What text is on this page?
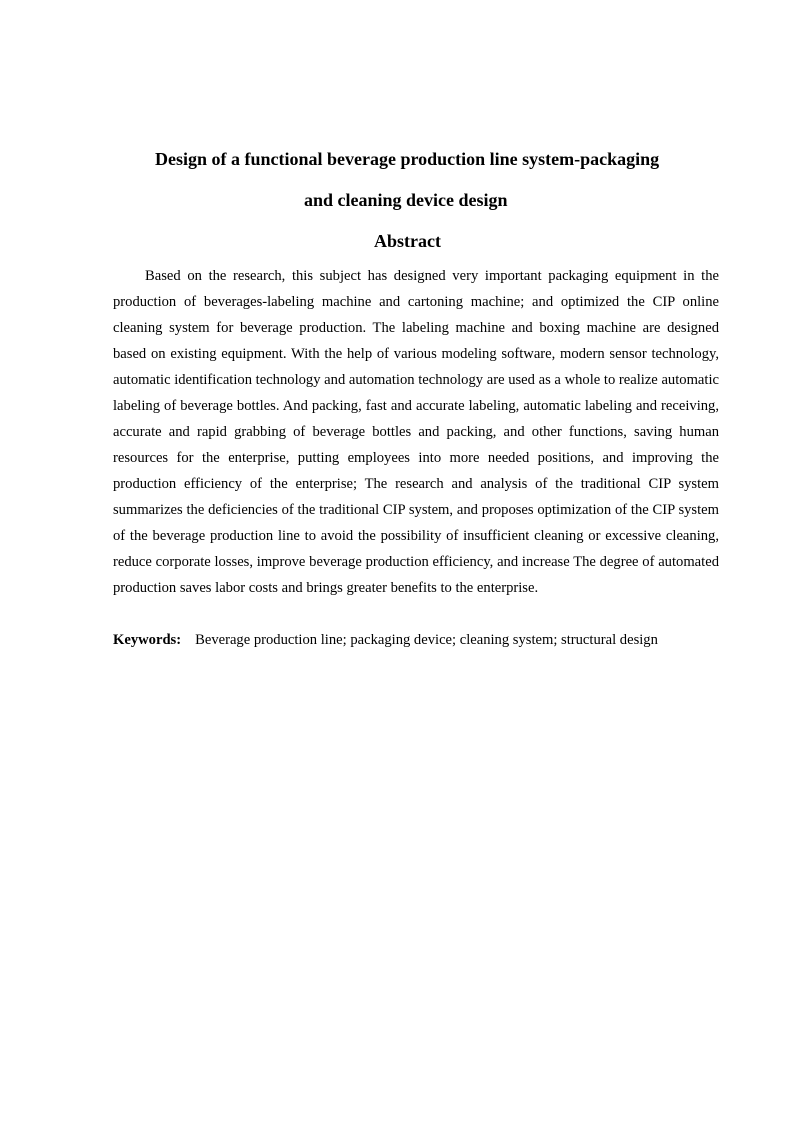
Design of a functional beverage production line system-packaging
and cleaning device design
Abstract

Based on the research, this subject has designed very important packaging equipment in the production of beverages-labeling machine and cartoning machine; and optimized the CIP online cleaning system for beverage production. The labeling machine and boxing machine are designed based on existing equipment. With the help of various modeling software, modern sensor technology, automatic identification technology and automation technology are used as a whole to realize automatic labeling of beverage bottles. And packing, fast and accurate labeling, automatic labeling and receiving, accurate and rapid grabbing of beverage bottles and packing, and other functions, saving human resources for the enterprise, putting employees into more needed positions, and improving the production efficiency of the enterprise; The research and analysis of the traditional CIP system summarizes the deficiencies of the traditional CIP system, and proposes optimization of the CIP system of the beverage production line to avoid the possibility of insufficient cleaning or excessive cleaning, reduce corporate losses, improve beverage production efficiency, and increase The degree of automated production saves labor costs and brings greater benefits to the enterprise.

Keywords: Beverage production line; packaging device; cleaning system; structural design
